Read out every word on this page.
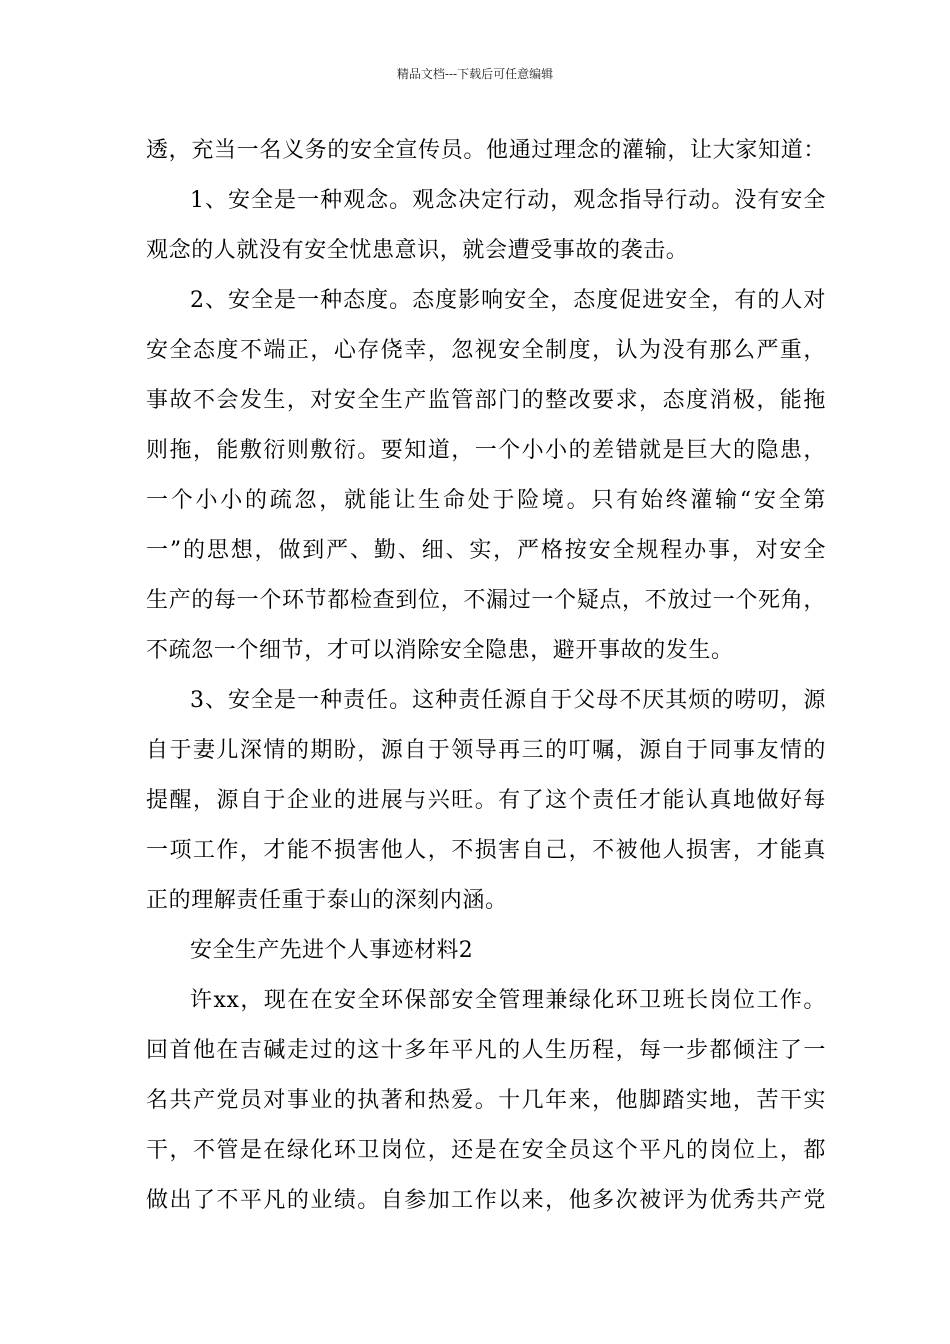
精品文档---下载后可任意编辑
透，充当一名义务的安全宣传员。他通过理念的灌输，让大家知道：
1、安全是一种观念。观念决定行动，观念指导行动。没有安全
观念的人就没有安全忧患意识，就会遭受事故的袭击。
2、安全是一种态度。态度影响安全，态度促进安全，有的人对
安全态度不端正，心存侥幸，忽视安全制度，认为没有那么严重，
事故不会发生，对安全生产监管部门的整改要求，态度消极，能拖
则拖，能敷衍则敷衍。要知道，一个小小的差错就是巨大的隐患，
一个小小的疏忽，就能让生命处于险境。只有始终灌输“安全第
一”的思想，做到严、勤、细、实，严格按安全规程办事，对安全
生产的每一个环节都检查到位，不漏过一个疑点，不放过一个死角，
不疏忽一个细节，才可以消除安全隐患，避开事故的发生。
3、安全是一种责任。这种责任源自于父母不厌其烦的唠叨，源
自于妻儿深情的期盼，源自于领导再三的叮嘱，源自于同事友情的
提醒，源自于企业的进展与兴旺。有了这个责任才能认真地做好每
一项工作，才能不损害他人，不损害自己，不被他人损害，才能真
正的理解责任重于泰山的深刻内涵。
安全生产先进个人事迹材料2
许xx，现在在安全环保部安全管理兼绿化环卫班长岗位工作。
回首他在吉碱走过的这十多年平凡的人生历程，每一步都倾注了一
名共产党员对事业的执著和热爱。十几年来，他脚踏实地，苦干实
干，不管是在绿化环卫岗位，还是在安全员这个平凡的岗位上，都
做出了不平凡的业绩。自参加工作以来，他多次被评为优秀共产党
